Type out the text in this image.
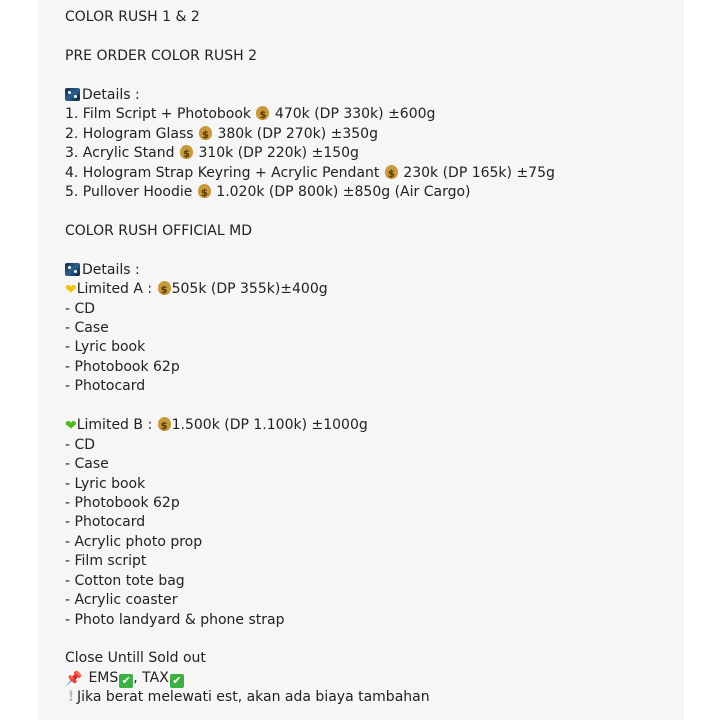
COLOR RUSH 1 & 2
PRE ORDER COLOR RUSH 2
Details :
1. Film Script + Photobook $ 470k (DP 330k) ±600g
2. Hologram Glass $ 380k (DP 270k) ±350g
3. Acrylic Stand $ 310k (DP 220k) ±150g
4. Hologram Strap Keyring + Acrylic Pendant $ 230k (DP 165k) ±75g
5. Pullover Hoodie $ 1.020k (DP 800k) ±850g (Air Cargo)
COLOR RUSH OFFICIAL MD
Details :
❤Limited A : $ 505k (DP 355k)±400g
- CD
- Case
- Lyric book
- Photobook 62p
- Photocard
❤Limited B : $ 1.500k (DP 1.100k) ±1000g
- CD
- Case
- Lyric book
- Photobook 62p
- Photocard
- Acrylic photo prop
- Film script
- Cotton tote bag
- Acrylic coaster
- Photo landyard & phone strap
Close Untill Sold out
📌 EMS ✔ , TAX ✔
! Jika berat melewati est, akan ada biaya tambahan
